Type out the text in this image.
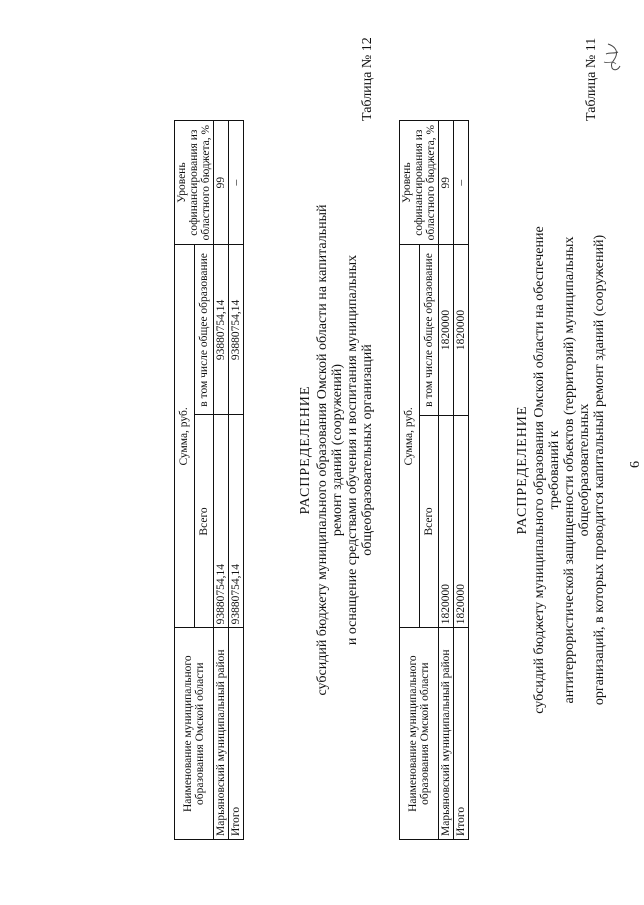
6
Таблица № 11
РАСПРЕДЕЛЕНИЕ субсидий бюджету муниципального образования Омской области на обеспечение требований к антитеррористической защищенности объектов (территорий) муниципальных общеобразовательных организаций, в которых проводится капитальный ремонт зданий (сооружений)
Наименование муниципального образования Омской области	Сумма, руб.		Уровень софинансирования из областного бюджета, %
	Всего	в том числе общее образование	
Марьяновский муниципальный район	1820000	1820000	99
Итого	1820000	1820000	–
Таблица № 12
РАСПРЕДЕЛЕНИЕ субсидий бюджету муниципального образования Омской области на капитальный ремонт зданий (сооружений) и оснащение средствами обучения и воспитания муниципальных общеобразовательных организаций
Наименование муниципального образования Омской области	Сумма, руб.		Уровень софинансирования из областного бюджета, %
	Всего	в том числе общее образование	
Марьяновский муниципальный район	93880754,14	93880754,14	99
Итого	93880754,14	93880754,14	–
